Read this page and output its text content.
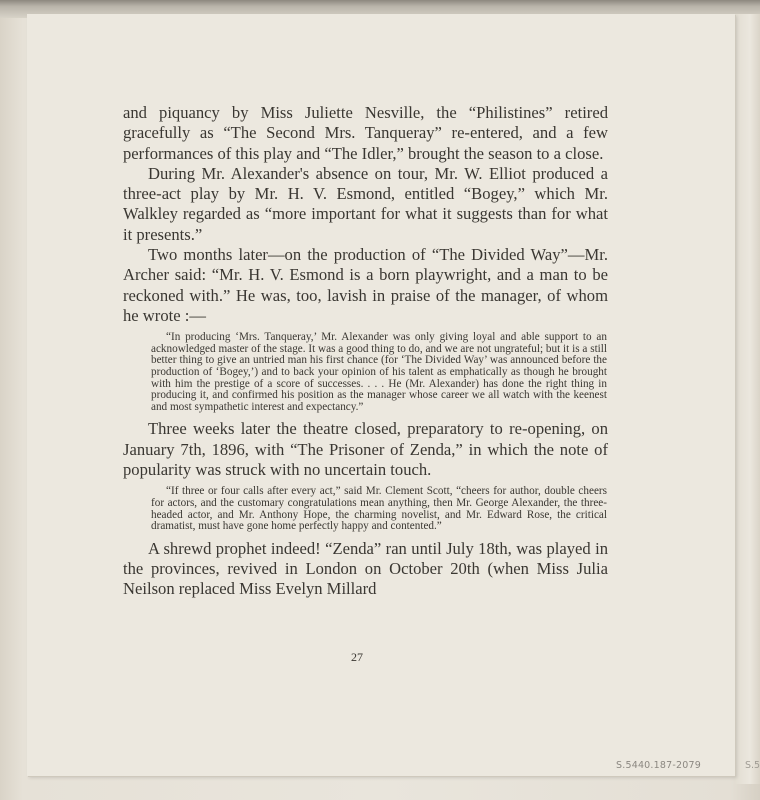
and piquancy by Miss Juliette Nesville, the “Philistines” retired gracefully as “The Second Mrs. Tanqueray” re-entered, and a few performances of this play and “The Idler,” brought the season to a close.

During Mr. Alexander's absence on tour, Mr. W. Elliot produced a three-act play by Mr. H. V. Esmond, entitled “Bogey,” which Mr. Walkley regarded as “more important for what it suggests than for what it presents.”

Two months later—on the production of “The Divided Way”—Mr. Archer said: “Mr. H. V. Esmond is a born playwright, and a man to be reckoned with.” He was, too, lavish in praise of the manager, of whom he wrote :—

“In producing ‘Mrs. Tanqueray,’ Mr. Alexander was only giving loyal and able support to an acknowledged master of the stage. It was a good thing to do, and we are not ungrateful; but it is a still better thing to give an untried man his first chance (for ‘The Divided Way’ was announced before the production of ‘Bogey,’) and to back your opinion of his talent as emphatically as though he brought with him the prestige of a score of successes. . . . He (Mr. Alexander) has done the right thing in producing it, and confirmed his position as the manager whose career we all watch with the keenest and most sympathetic interest and expectancy.”

Three weeks later the theatre closed, preparatory to re-opening, on January 7th, 1896, with “The Prisoner of Zenda,” in which the note of popularity was struck with no uncertain touch.

“If three or four calls after every act,” said Mr. Clement Scott, “cheers for author, double cheers for actors, and the customary congratulations mean anything, then Mr. George Alexander, the three-headed actor, and Mr. Anthony Hope, the charming novelist, and Mr. Edward Rose, the critical dramatist, must have gone home perfectly happy and contented.”

A shrewd prophet indeed! “Zenda” ran until July 18th, was played in the provinces, revived in London on October 20th (when Miss Julia Neilson replaced Miss Evelyn Millard

27
S.5440.187-2079	S.5
